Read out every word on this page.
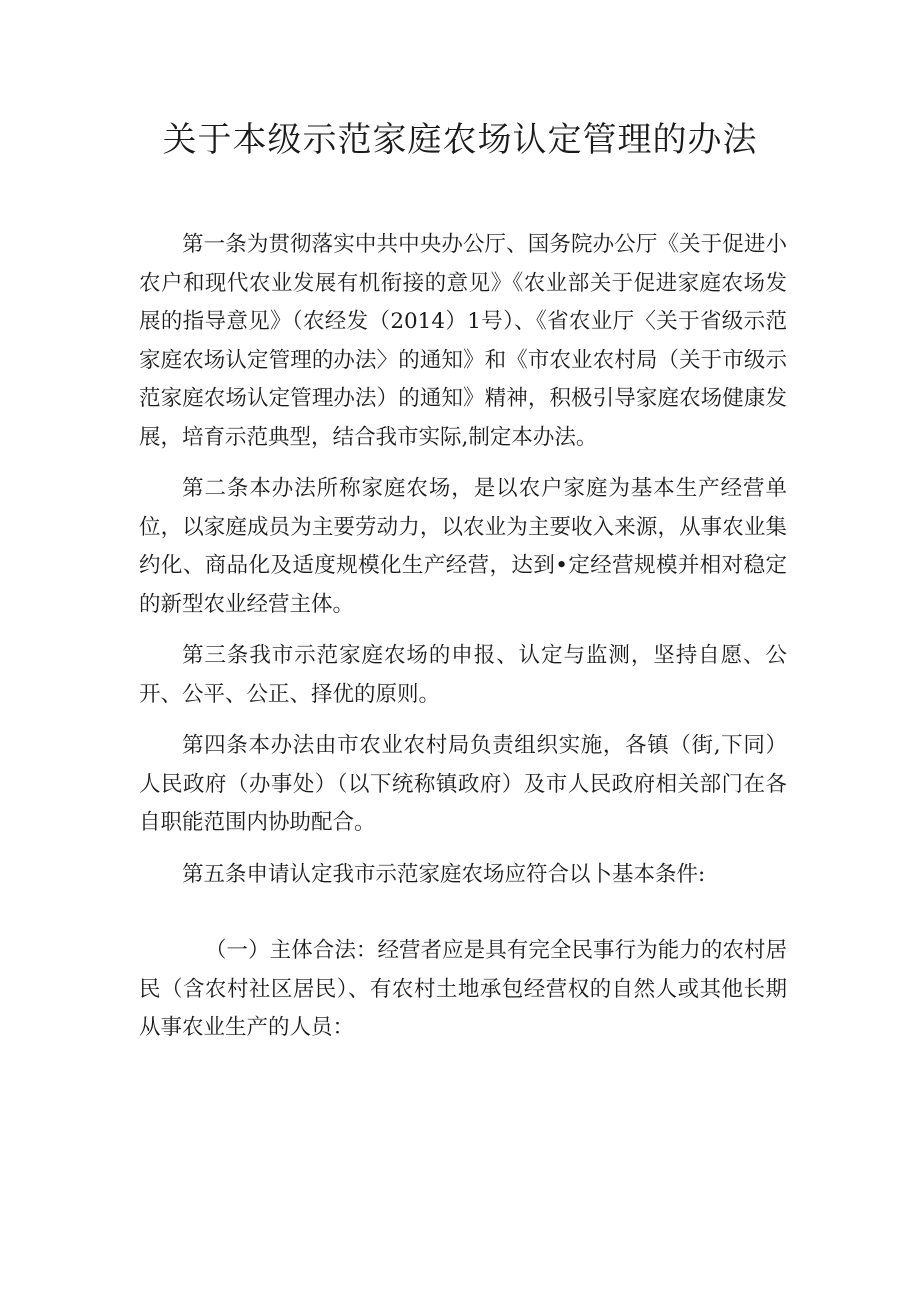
关于本级示范家庭农场认定管理的办法

第一条为贯彻落实中共中央办公厅、国务院办公厅《关于促进小农户和现代农业发展有机衔接的意见》《农业部关于促进家庭农场发展的指导意见》（农经发（2014）1号）、《省农业厅〈关于省级示范家庭农场认定管理的办法〉的通知》和《市农业农村局（关于市级示范家庭农场认定管理办法）的通知》精神，积极引导家庭农场健康发展，培育示范典型，结合我市实际,制定本办法。

第二条本办法所称家庭农场，是以农户家庭为基本生产经营单位，以家庭成员为主要劳动力，以农业为主要收入来源，从事农业集约化、商品化及适度规模化生产经营，达到•定经营规模并相对稳定的新型农业经营主体。

第三条我市示范家庭农场的申报、认定与监测，坚持自愿、公开、公平、公正、择优的原则。

第四条本办法由市农业农村局负责组织实施，各镇（街,下同）人民政府（办事处）（以下统称镇政府）及市人民政府相关部门在各自职能范围内协助配合。

第五条申请认定我市示范家庭农场应符合以卜基本条件:

（一）主体合法：经营者应是具有完全民事行为能力的农村居民（含农村社区居民）、有农村土地承包经营权的自然人或其他长期从事农业生产的人员：
